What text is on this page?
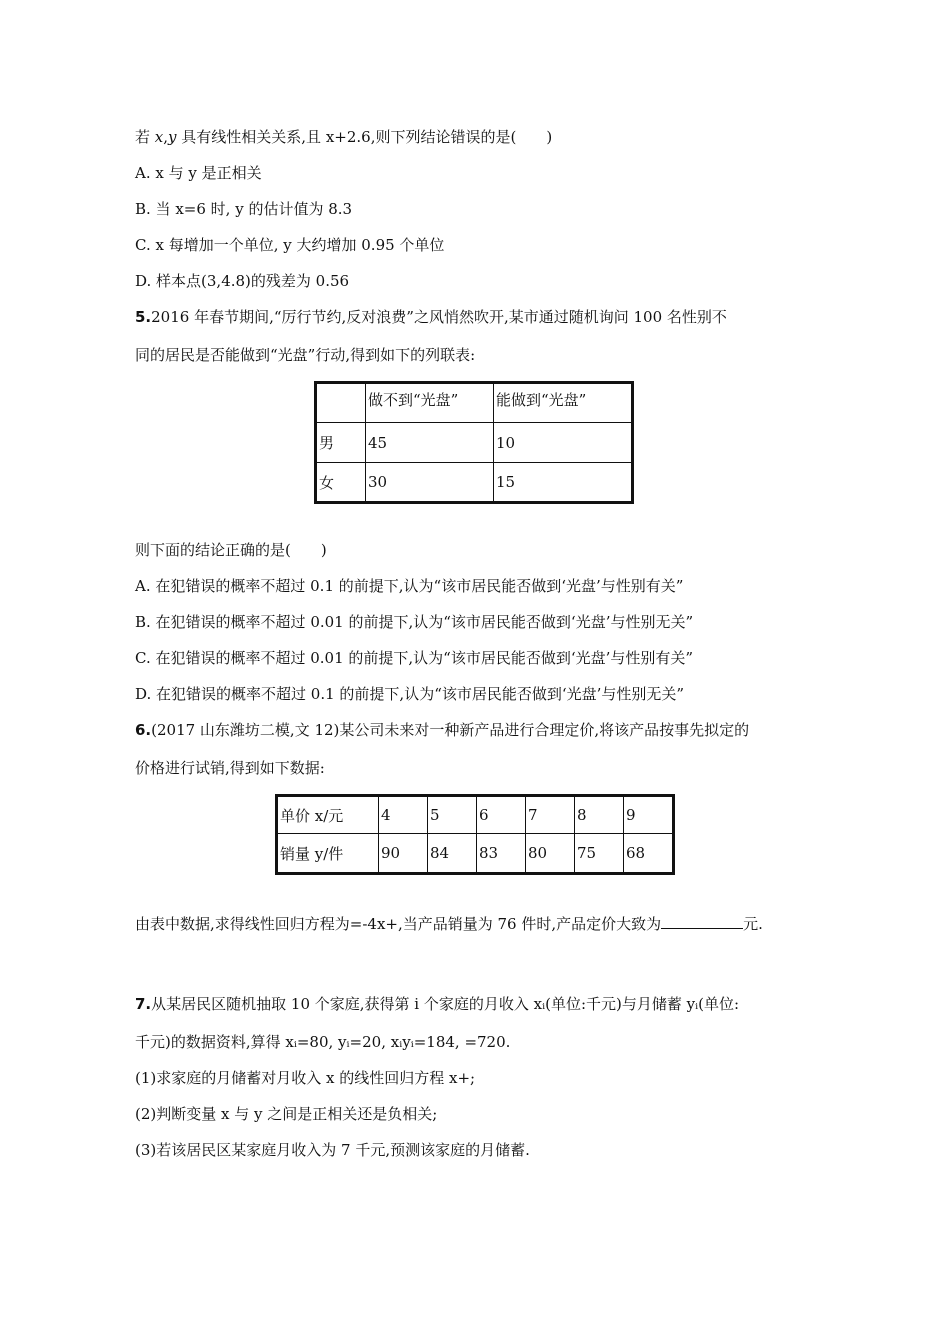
若 x,y 具有线性相关关系,且 x+2.6,则下列结论错误的是(　　)
A. x 与 y 是正相关
B. 当 x=6 时, y 的估计值为 8.3
C. x 每增加一个单位, y 大约增加 0.95 个单位
D. 样本点(3,4.8)的残差为 0.56
5.2016 年春节期间,“厉行节约,反对浪费”之风悄然吹开,某市通过随机询问 100 名性别不
同的居民是否能做到“光盘”行动,得到如下的列联表:
	做不到“光盘”	能做到“光盘”
男	45	10
女	30	15
则下面的结论正确的是(　　)
A. 在犯错误的概率不超过 0.1 的前提下,认为“该市居民能否做到‘光盘’与性别有关”
B. 在犯错误的概率不超过 0.01 的前提下,认为“该市居民能否做到‘光盘’与性别无关”
C. 在犯错误的概率不超过 0.01 的前提下,认为“该市居民能否做到‘光盘’与性别有关”
D. 在犯错误的概率不超过 0.1 的前提下,认为“该市居民能否做到‘光盘’与性别无关”
6.(2017 山东潍坊二模,文 12)某公司未来对一种新产品进行合理定价,将该产品按事先拟定的
价格进行试销,得到如下数据:
单价 x/元	4	5	6	7	8	9
销量 y/件	90	84	83	80	75	68
由表中数据,求得线性回归方程为=-4x+,当产品销量为 76 件时,产品定价大致为	元.
7.从某居民区随机抽取 10 个家庭,获得第 i 个家庭的月收入 xᵢ(单位:千元)与月储蓄 yᵢ(单位:
千元)的数据资料,算得 xᵢ=80, yᵢ=20, xᵢyᵢ=184, =720.
(1)求家庭的月储蓄对月收入 x 的线性回归方程 x+;
(2)判断变量 x 与 y 之间是正相关还是负相关;
(3)若该居民区某家庭月收入为 7 千元,预测该家庭的月储蓄.
